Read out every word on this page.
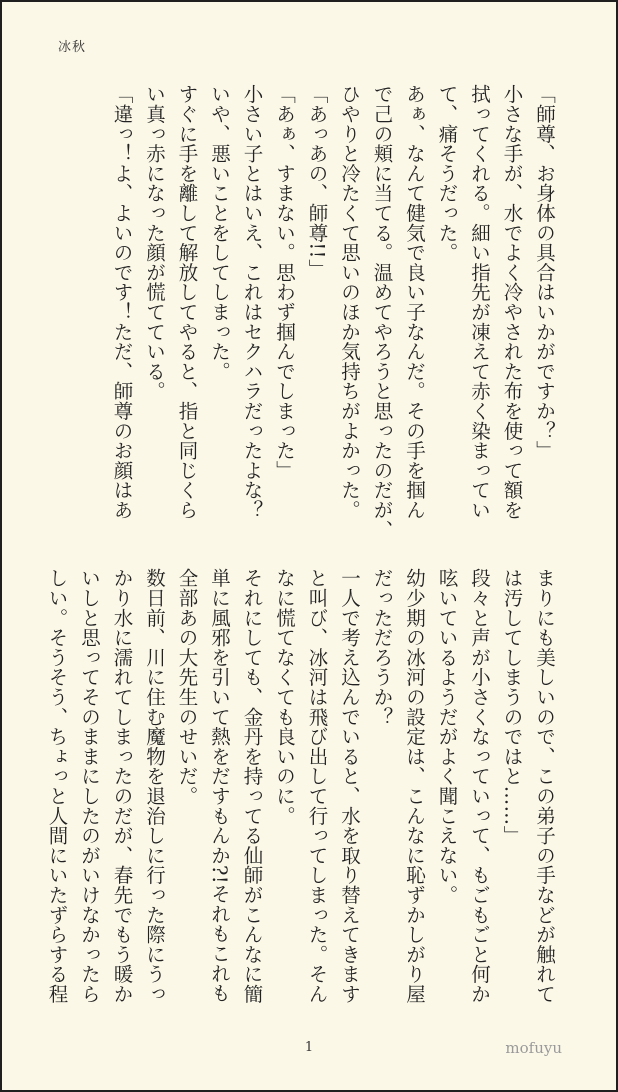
冰秋
「師尊、お身体の具合はいかがですか？」
小さな手が、水でよく冷やされた布を使って額を
拭ってくれる。細い指先が凍えて赤く染まってい
て、痛そうだった。
あぁ、なんて健気で良い子なんだ。その手を掴ん
で己の頬に当てる。温めてやろうと思ったのだが、
ひやりと冷たくて思いのほか気持ちがよかった。
「あっあの、師尊!!」
「あぁ、すまない。思わず掴んでしまった」
小さい子とはいえ、これはセクハラだったよな？
いや、悪いことをしてしまった。
すぐに手を離して解放してやると、指と同じくら
い真っ赤になった顔が慌てている。
「違っ！よ、よいのです！ただ、師尊のお顔はあ
まりにも美しいので、この弟子の手などが触れて
は汚してしまうのではと……」
段々と声が小さくなっていって、もごもごと何か
呟いているようだがよく聞こえない。
幼少期の冰河の設定は、こんなに恥ずかしがり屋
だっただろうか？
一人で考え込んでいると、水を取り替えてきます
と叫び、冰河は飛び出して行ってしまった。そん
なに慌てなくても良いのに。
それにしても、金丹を持ってる仙師がこんなに簡
単に風邪を引いて熱をだすもんか?!それもこれも
全部あの大先生のせいだ。
数日前、川に住む魔物を退治しに行った際にうっ
かり水に濡れてしまったのだが、春先でもう暖か
いしと思ってそのままにしたのがいけなかったら
しい。そうそう、ちょっと人間にいたずらする程
1	mofuyu
